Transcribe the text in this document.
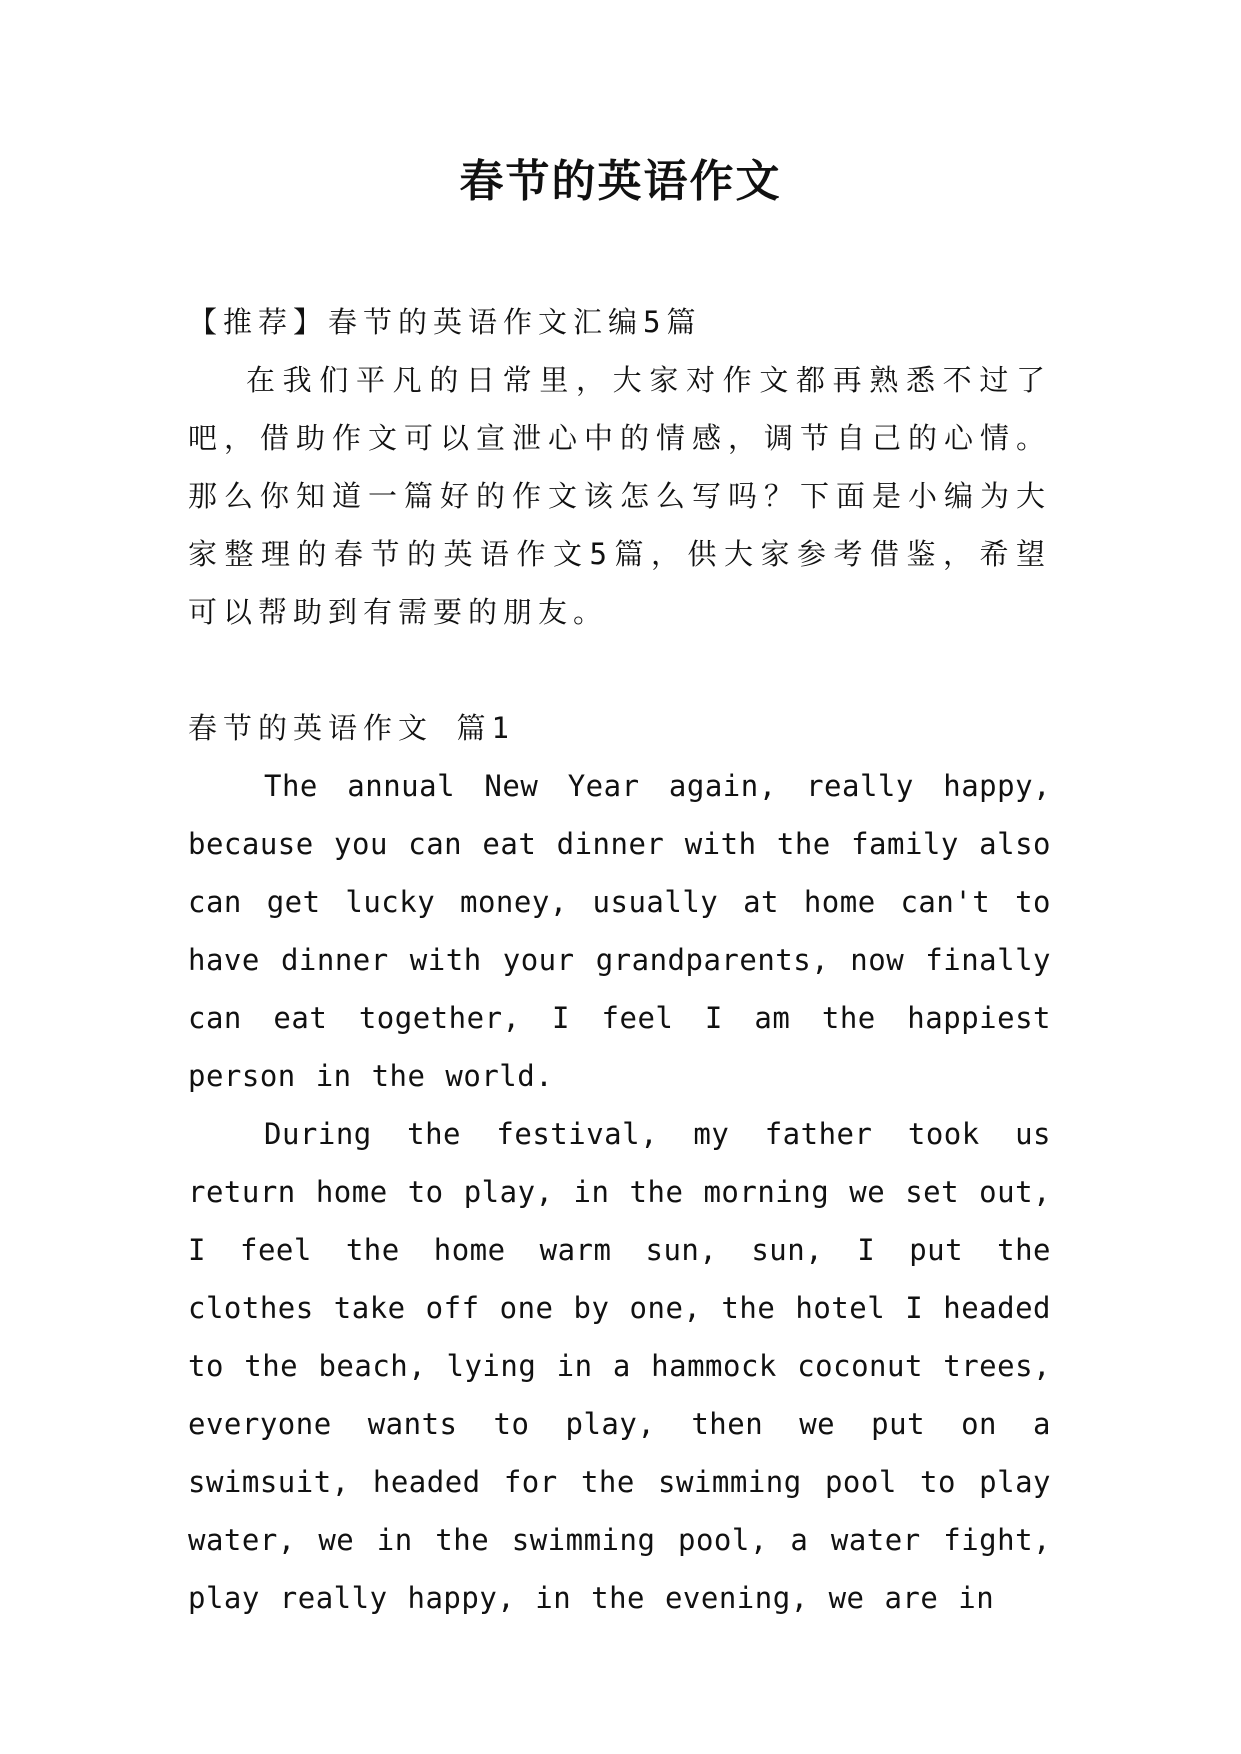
春节的英语作文

【推荐】春节的英语作文汇编5篇

在我们平凡的日常里，大家对作文都再熟悉不过了吧，借助作文可以宣泄心中的情感，调节自己的心情。那么你知道一篇好的作文该怎么写吗？下面是小编为大家整理的春节的英语作文5篇，供大家参考借鉴，希望可以帮助到有需要的朋友。

春节的英语作文 篇1

The annual New Year again, really happy, because you can eat dinner with the family also can get lucky money, usually at home can't to have dinner with your grandparents, now finally can eat together, I feel I am the happiest person in the world.

During the festival, my father took us return home to play, in the morning we set out, I feel the home warm sun, sun, I put the clothes take off one by one, the hotel I headed to the beach, lying in a hammock coconut trees, everyone wants to play, then we put on a swimsuit, headed for the swimming pool to play water, we in the swimming pool, a water fight, play really happy, in the evening, we are in
